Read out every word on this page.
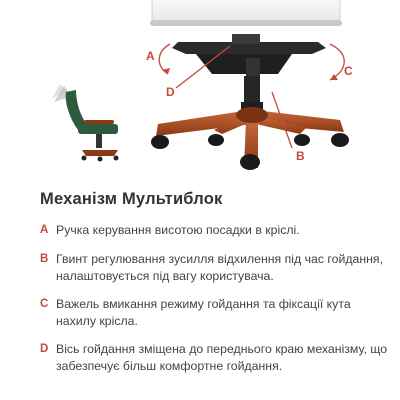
A
B
C
D
Механізм Мультиблок
A Ручка керування висотою посадки в кріслі.
B Гвинт регулювання зусилля відхилення під час гойдання, налаштовується під вагу користувача.
C Важель вмикання режиму гойдання та фіксації кута нахилу крісла.
D Вісь гойдання зміщена до переднього краю механізму, що забезпечує більш комфортне гойдання.
